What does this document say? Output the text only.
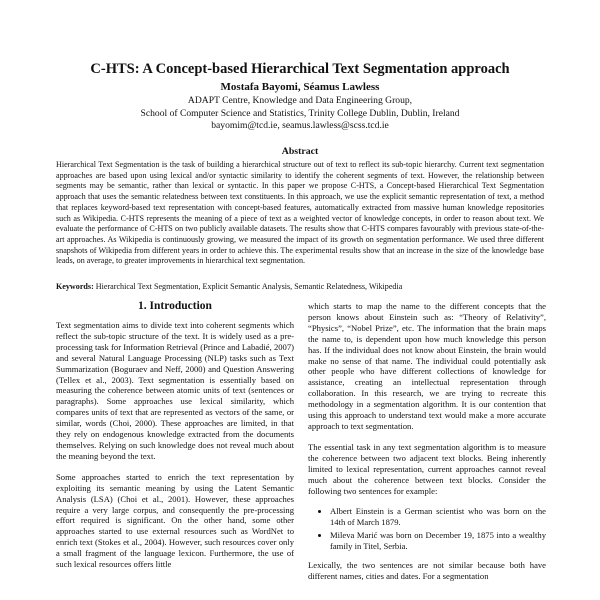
C-HTS: A Concept-based Hierarchical Text Segmentation approach
Mostafa Bayomi, Séamus Lawless
ADAPT Centre, Knowledge and Data Engineering Group,
School of Computer Science and Statistics, Trinity College Dublin, Dublin, Ireland
bayomim@tcd.ie, seamus.lawless@scss.tcd.ie
Abstract
Hierarchical Text Segmentation is the task of building a hierarchical structure out of text to reflect its sub-topic hierarchy. Current text segmentation approaches are based upon using lexical and/or syntactic similarity to identify the coherent segments of text. However, the relationship between segments may be semantic, rather than lexical or syntactic. In this paper we propose C-HTS, a Concept-based Hierarchical Text Segmentation approach that uses the semantic relatedness between text constituents. In this approach, we use the explicit semantic representation of text, a method that replaces keyword-based text representation with concept-based features, automatically extracted from massive human knowledge repositories such as Wikipedia. C-HTS represents the meaning of a piece of text as a weighted vector of knowledge concepts, in order to reason about text. We evaluate the performance of C-HTS on two publicly available datasets. The results show that C-HTS compares favourably with previous state-of-the-art approaches. As Wikipedia is continuously growing, we measured the impact of its growth on segmentation performance. We used three different snapshots of Wikipedia from different years in order to achieve this. The experimental results show that an increase in the size of the knowledge base leads, on average, to greater improvements in hierarchical text segmentation.
Keywords: Hierarchical Text Segmentation, Explicit Semantic Analysis, Semantic Relatedness, Wikipedia
1. Introduction

Text segmentation aims to divide text into coherent segments which reflect the sub-topic structure of the text. It is widely used as a pre-processing task for Information Retrieval (Prince and Labadié, 2007) and several Natural Language Processing (NLP) tasks such as Text Summarization (Boguraev and Neff, 2000) and Question Answering (Tellex et al., 2003). Text segmentation is essentially based on measuring the coherence between atomic units of text (sentences or paragraphs). Some approaches use lexical similarity, which compares units of text that are represented as vectors of the same, or similar, words (Choi, 2000). These approaches are limited, in that they rely on endogenous knowledge extracted from the documents themselves. Relying on such knowledge does not reveal much about the meaning beyond the text.

Some approaches started to enrich the text representation by exploiting its semantic meaning by using the Latent Semantic Analysis (LSA) (Choi et al., 2001). However, these approaches require a very large corpus, and consequently the pre-processing effort required is significant. On the other hand, some other approaches started to use external resources such as WordNet to enrich text (Stokes et al., 2004). However, such resources cover only a small fragment of the language lexicon. Furthermore, the use of such lexical resources offers little

which starts to map the name to the different concepts that the person knows about Einstein such as: “Theory of Relativity”, “Physics”, “Nobel Prize”, etc. The information that the brain maps the name to, is dependent upon how much knowledge this person has. If the individual does not know about Einstein, the brain would make no sense of that name. The individual could potentially ask other people who have different collections of knowledge for assistance, creating an intellectual representation through collaboration. In this research, we are trying to recreate this methodology in a segmentation algorithm. It is our contention that using this approach to understand text would make a more accurate approach to text segmentation.

The essential task in any text segmentation algorithm is to measure the coherence between two adjacent text blocks. Being inherently limited to lexical representation, current approaches cannot reveal much about the coherence between text blocks. Consider the following two sentences for example:

• Albert Einstein is a German scientist who was born on the 14th of March 1879.
• Mileva Marić was born on December 19, 1875 into a wealthy family in Titel, Serbia.

Lexically, the two sentences are not similar because both have different names, cities and dates. For a segmentation
